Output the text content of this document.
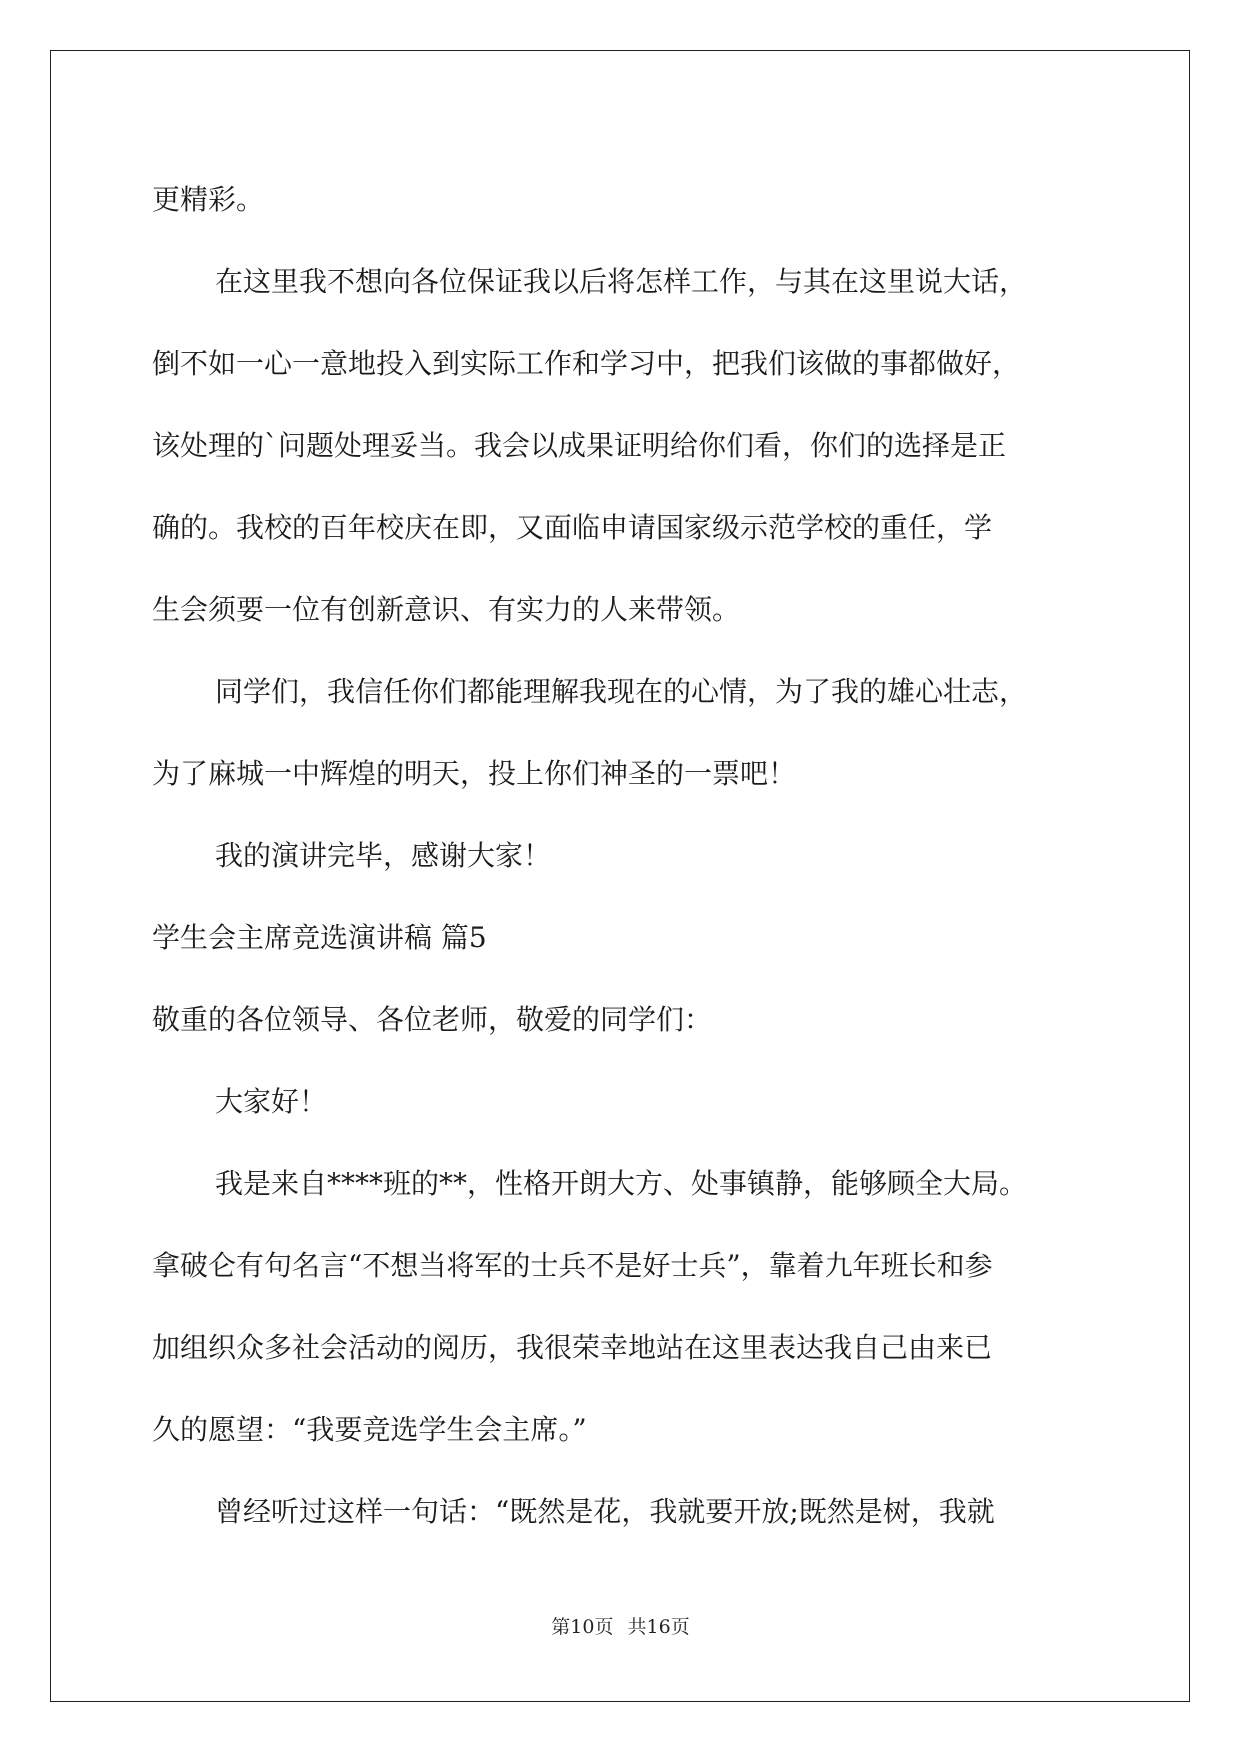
更精彩。
在这里我不想向各位保证我以后将怎样工作，与其在这里说大话，
倒不如一心一意地投入到实际工作和学习中，把我们该做的事都做好，
该处理的`问题处理妥当。我会以成果证明给你们看，你们的选择是正
确的。我校的百年校庆在即，又面临申请国家级示范学校的重任，学
生会须要一位有创新意识、有实力的人来带领。
同学们，我信任你们都能理解我现在的心情，为了我的雄心壮志，
为了麻城一中辉煌的明天，投上你们神圣的一票吧！
我的演讲完毕，感谢大家！
学生会主席竞选演讲稿 篇5
敬重的各位领导、各位老师，敬爱的同学们：
大家好！
我是来自****班的**，性格开朗大方、处事镇静，能够顾全大局。
拿破仑有句名言“不想当将军的士兵不是好士兵”，靠着九年班长和参
加组织众多社会活动的阅历，我很荣幸地站在这里表达我自己由来已
久的愿望：“我要竞选学生会主席。”
曾经听过这样一句话：“既然是花，我就要开放;既然是树，我就
第10页 共16页
